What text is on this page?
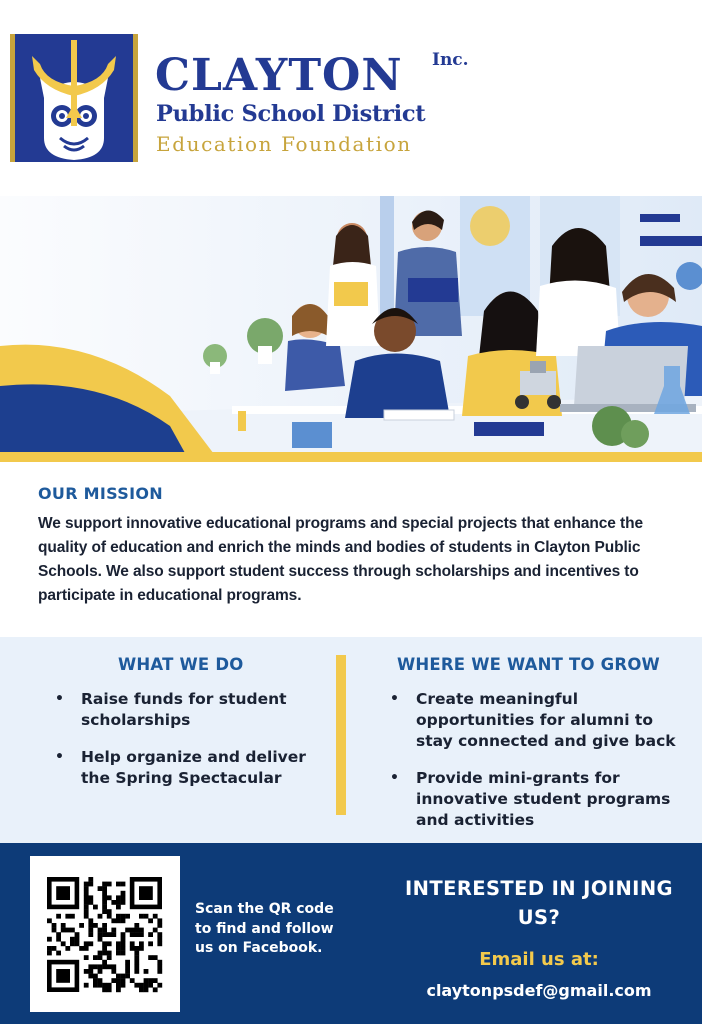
CLAYTON Inc.
Public School District
Education Foundation
OUR MISSION

We support innovative educational programs and special projects that enhance the quality of education and enrich the minds and bodies of students in Clayton Public Schools. We also support student success through scholarships and incentives to participate in educational programs.

WHAT WE DO
• Raise funds for student scholarships
• Help organize and deliver the Spring Spectacular
WHERE WE WANT TO GROW
• Create meaningful opportunities for alumni to stay connected and give back
• Provide mini-grants for innovative student programs and activities
Scan the QR code to find and follow us on Facebook.
INTERESTED IN JOINING US?
Email us at:
claytonpsdef@gmail.com
